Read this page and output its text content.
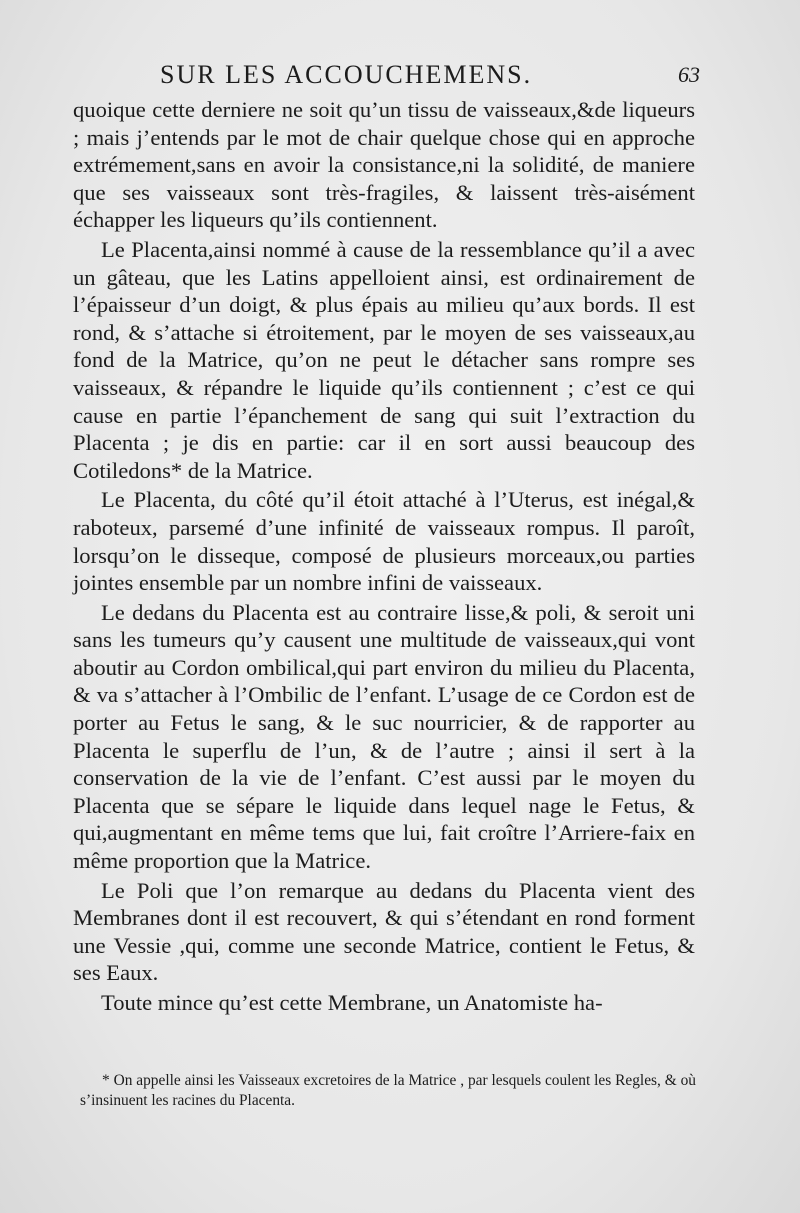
SUR LES ACCOUCHEMENS.	63

quoique cette derniere ne soit qu’un tissu de vaisseaux,&de liqueurs ; mais j’entends par le mot de chair quelque chose qui en approche extrémement,sans en avoir la consistance,ni la solidité, de maniere que ses vaisseaux sont très-fragiles, & laissent très-aisément échapper les liqueurs qu’ils contiennent.

Le Placenta,ainsi nommé à cause de la ressemblance qu’il a avec un gâteau, que les Latins appelloient ainsi, est ordinairement de l’épaisseur d’un doigt, & plus épais au milieu qu’aux bords. Il est rond, & s’attache si étroitement, par le moyen de ses vaisseaux,au fond de la Matrice, qu’on ne peut le détacher sans rompre ses vaisseaux, & répandre le liquide qu’ils contiennent ; c’est ce qui cause en partie l’épanchement de sang qui suit l’extraction du Placenta ; je dis en partie: car il en sort aussi beaucoup des Cotiledons* de la Matrice.

Le Placenta, du côté qu’il étoit attaché à l’Uterus, est inégal,& raboteux, parsemé d’une infinité de vaisseaux rompus. Il paroît, lorsqu’on le disseque, composé de plusieurs morceaux,ou parties jointes ensemble par un nombre infini de vaisseaux.

Le dedans du Placenta est au contraire lisse,& poli, & seroit uni sans les tumeurs qu’y causent une multitude de vaisseaux,qui vont aboutir au Cordon ombilical,qui part environ du milieu du Placenta, & va s’attacher à l’Ombilic de l’enfant. L’usage de ce Cordon est de porter au Fetus le sang, & le suc nourricier, & de rapporter au Placenta le superflu de l’un, & de l’autre ; ainsi il sert à la conservation de la vie de l’enfant. C’est aussi par le moyen du Placenta que se sépare le liquide dans lequel nage le Fetus, & qui,augmentant en même tems que lui, fait croître l’Arriere-faix en même proportion que la Matrice.

Le Poli que l’on remarque au dedans du Placenta vient des Membranes dont il est recouvert, & qui s’étendant en rond forment une Vessie ,qui, comme une seconde Matrice, contient le Fetus, & ses Eaux.

Toute mince qu’est cette Membrane, un Anatomiste ha-

* On appelle ainsi les Vaisseaux excretoires de la Matrice , par lesquels coulent les Regles, & où s’insinuent les racines du Placenta.
